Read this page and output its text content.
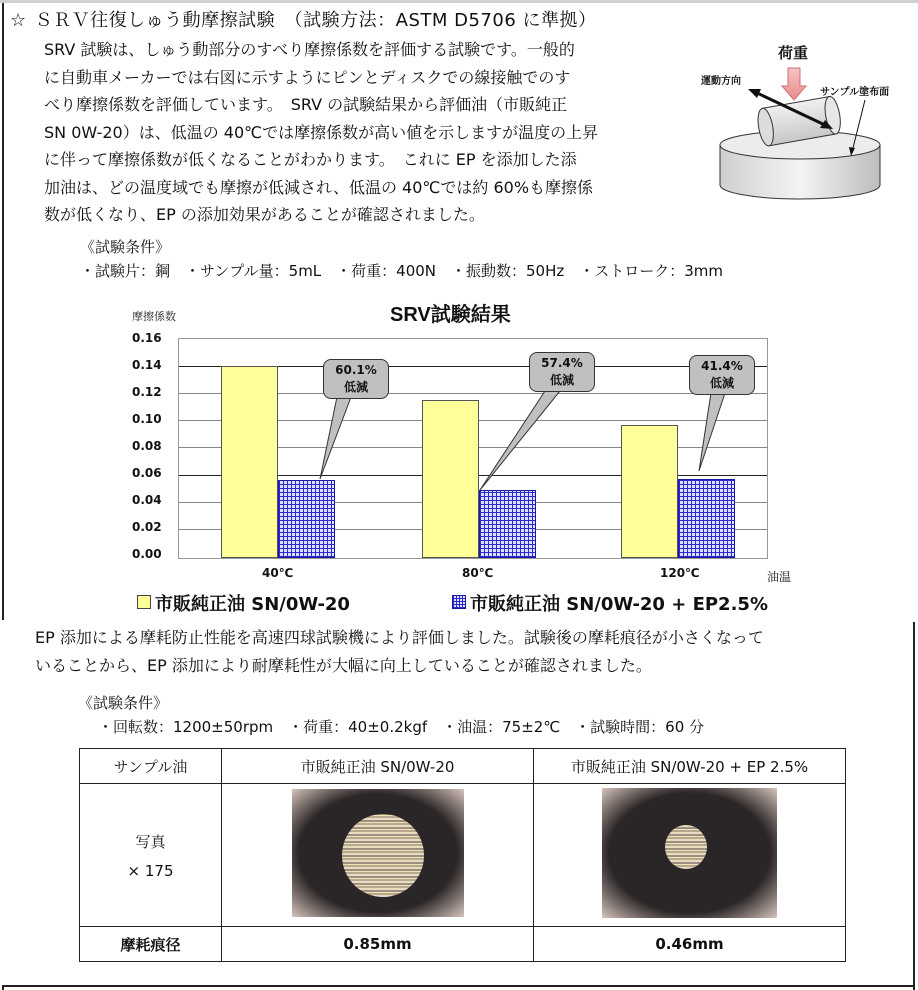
☆ ＳＲＶ往復しゅう動摩擦試験　（試験方法：ASTM D5706 に準拠）
SRV 試験は、しゅう動部分のすべり摩擦係数を評価する試験です。一般的
に自動車メーカーでは右図に示すようにピンとディスクでの線接触でのす
べり摩擦係数を評価しています。　SRV の試験結果から評価油（市販純正
SN 0W-20）は、低温の 40℃では摩擦係数が高い値を示しますが温度の上昇
に伴って摩擦係数が低くなることがわかります。　これに EP を添加した添
加油は、どの温度域でも摩擦が低減され、低温の 40℃では約 60%も摩擦係
数が低くなり、EP の添加効果があることが確認されました。
荷重
運動方向
サンプル塗布面
《試験条件》
・試験片：鋼　・サンプル量：5mL　・荷重：400N　・振動数：50Hz　・ストローク：3mm
SRV試験結果
摩擦係数
0.16
0.14
0.12
0.10
0.08
0.06
0.04
0.02
0.00
60.1%
低減
57.4%
低減
41.4%
低減
40℃	80℃	120℃	油温
市販純正油 SN/0W-20	市販純正油 SN/0W-20 + EP2.5%
EP 添加による摩耗防止性能を高速四球試験機により評価しました。試験後の摩耗痕径が小さくなって
いることから、EP 添加により耐摩耗性が大幅に向上していることが確認されました。
《試験条件》
・回転数：1200±50rpm　・荷重：40±0.2kgf　・油温：75±2℃　・試験時間：60 分
サンプル油	市販純正油 SN/0W-20	市販純正油 SN/0W-20 + EP 2.5%

写真
× 175		

摩耗痕径	0.85mm	0.46mm
